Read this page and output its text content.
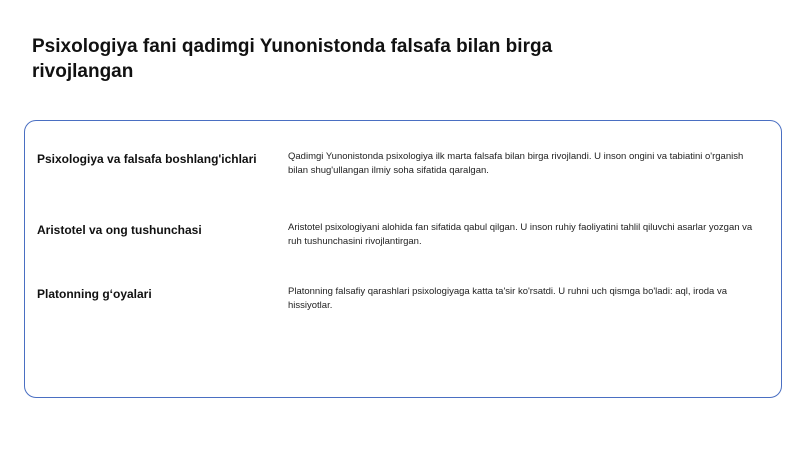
Psixologiya fani qadimgi Yunonistonda falsafa bilan birga rivojlangan
Psixologiya va falsafa boshlang'ichlari	Qadimgi Yunonistonda psixologiya ilk marta falsafa bilan birga rivojlandi. U inson ongini va tabiatini o'rganish bilan shug'ullangan ilmiy soha sifatida qaralgan.
Aristotel va ong tushunchasi	Aristotel psixologiyani alohida fan sifatida qabul qilgan. U inson ruhiy faoliyatini tahlil qiluvchi asarlar yozgan va ruh tushunchasini rivojlantirgan.
Platonning g‘oyalari	Platonning falsafiy qarashlari psixologiyaga katta ta'sir ko'rsatdi. U ruhni uch qismga bo'ladi: aql, iroda va hissiyotlar.
